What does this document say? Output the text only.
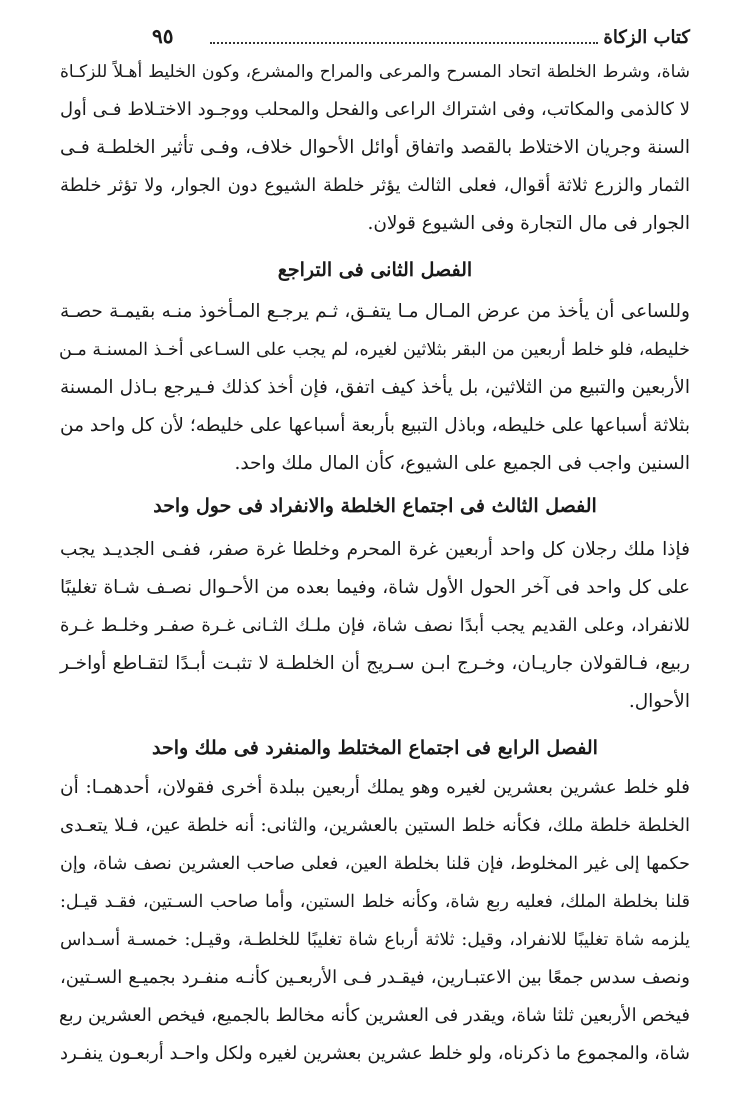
كتاب الزكاة
٩٥
شاة، وشرط الخلطة اتحاد المسرح والمرعى والمراح والمشرع، وكون الخليط أهـلاً للزكـاة
لا كالذمى والمكاتب، وفى اشتراك الراعى والفحل والمحلب ووجـود الاختـلاط فـى أول
السنة وجريان الاختلاط بالقصد واتفاق أوائل الأحوال خلاف، وفـى تأثير الخلطـة فـى
الثمار والزرع ثلاثة أقوال، فعلى الثالث يؤثر خلطة الشيوع دون الجوار، ولا تؤثر خلطة
الجوار فى مال التجارة وفى الشيوع قولان.
الفصل الثانى فى التراجع
وللساعى أن يأخذ من عرض المـال مـا يتفـق، ثـم يرجـع المـأخوذ منـه بقيمـة حصـة
خليطه، فلو خلط أربعين من البقر بثلاثين لغيره، لم يجب على السـاعى أخـذ المسنـة مـن
الأربعين والتبيع من الثلاثين، بل يأخذ كيف اتفق، فإن أخذ كذلك فـيرجع بـاذل المسنة
بثلاثة أسباعها على خليطه، وباذل التبيع بأربعة أسباعها على خليطه؛ لأن كل واحد من
السنين واجب فى الجميع على الشيوع، كأن المال ملك واحد.
الفصل الثالث فى اجتماع الخلطة والانفراد فى حول واحد
فإذا ملك رجلان كل واحد أربعين غرة المحرم وخلطا غرة صفر، ففـى الجديـد يجب
على كل واحد فى آخر الحول الأول شاة، وفيما بعده من الأحـوال نصـف شـاة تغليبًا
للانفراد، وعلى القديم يجب أبدًا نصف شاة، فإن ملـك الثـانى غـرة صفـر وخلـط غـرة
ربيع، فـالقولان جاريـان، وخـرج ابـن سـريج أن الخلطـة لا تثبـت أبـدًا لتقـاطع أواخـر
الأحوال.
الفصل الرابع فى اجتماع المختلط والمنفرد فى ملك واحد
فلو خلط عشرين بعشرين لغيره وهو يملك أربعين ببلدة أخرى فقولان، أحدهمـا: أن
الخلطة خلطة ملك، فكأنه خلط الستين بالعشرين، والثانى: أنه خلطة عين، فـلا يتعـدى
حكمها إلى غير المخلوط، فإن قلنا بخلطة العين، فعلى صاحب العشرين نصف شاة، وإن
قلنا بخلطة الملك، فعليه ربع شاة، وكأنه خلط الستين، وأما صاحب السـتين، فقـد قيـل:
يلزمه شاة تغليبًا للانفراد، وقيل: ثلاثة أرباع شاة تغليبًا للخلطـة، وقيـل: خمسـة أسـداس
ونصف سدس جمعًا بين الاعتبـارين، فيقـدر فـى الأربعـين كأنـه منفـرد بجميـع السـتين،
فيخص الأربعين ثلثا شاة، ويقدر فى العشرين كأنه مخالط بالجميع، فيخص العشرين ربع
شاة، والمجموع ما ذكرناه، ولو خلط عشرين بعشرين لغيره ولكل واحـد أربعـون ينفـرد
